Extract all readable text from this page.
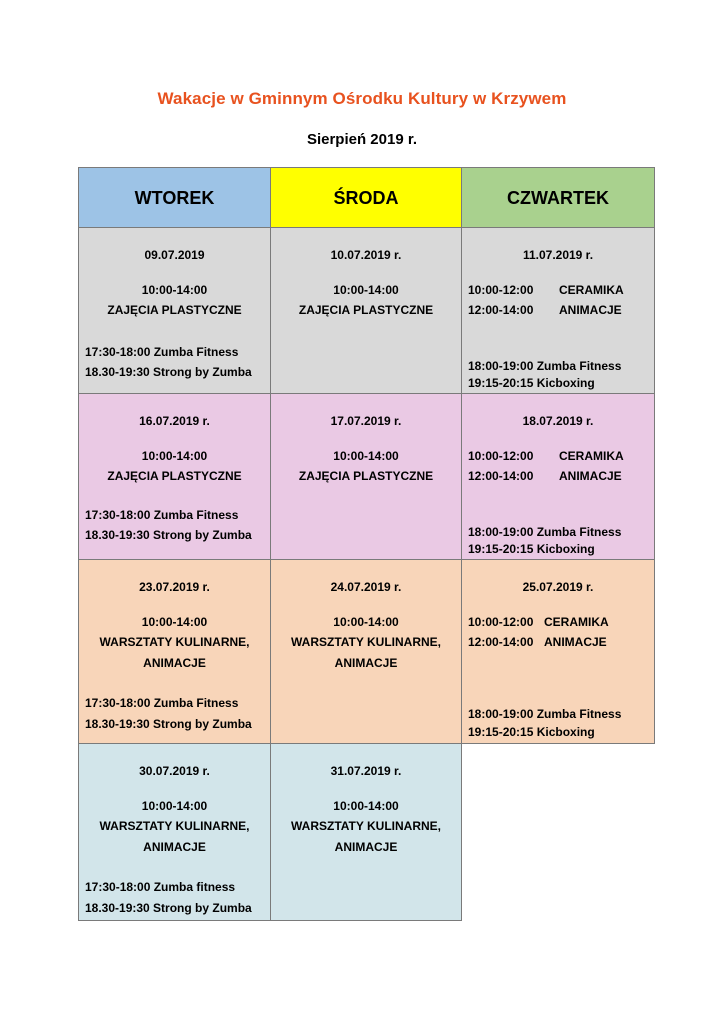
Wakacje w Gminnym Ośrodku Kultury w Krzywem
Sierpień 2019 r.
WTOREK	ŚRODA	CZWARTEK
09.07.2019
10:00-14:00
ZAJĘCIA PLASTYCZNE
17:30-18:00 Zumba Fitness
18.30-19:30 Strong by Zumba
10.07.2019 r.
10:00-14:00
ZAJĘCIA PLASTYCZNE
11.07.2019 r.
10:00-12:00 CERAMIKA
12:00-14:00 ANIMACJE
18:00-19:00 Zumba Fitness
19:15-20:15 Kicboxing
16.07.2019 r.
10:00-14:00
ZAJĘCIA PLASTYCZNE
17:30-18:00 Zumba Fitness
18.30-19:30 Strong by Zumba
17.07.2019 r.
10:00-14:00
ZAJĘCIA PLASTYCZNE
18.07.2019 r.
10:00-12:00 CERAMIKA
12:00-14:00 ANIMACJE
18:00-19:00 Zumba Fitness
19:15-20:15 Kicboxing
23.07.2019 r.
10:00-14:00
WARSZTATY KULINARNE,
ANIMACJE
17:30-18:00 Zumba Fitness
18.30-19:30 Strong by Zumba
24.07.2019 r.
10:00-14:00
WARSZTATY KULINARNE,
ANIMACJE
25.07.2019 r.
10:00-12:00 CERAMIKA
12:00-14:00 ANIMACJE
18:00-19:00 Zumba Fitness
19:15-20:15 Kicboxing
30.07.2019 r.
10:00-14:00
WARSZTATY KULINARNE,
ANIMACJE
17:30-18:00 Zumba fitness
18.30-19:30 Strong by Zumba
31.07.2019 r.
10:00-14:00
WARSZTATY KULINARNE,
ANIMACJE
